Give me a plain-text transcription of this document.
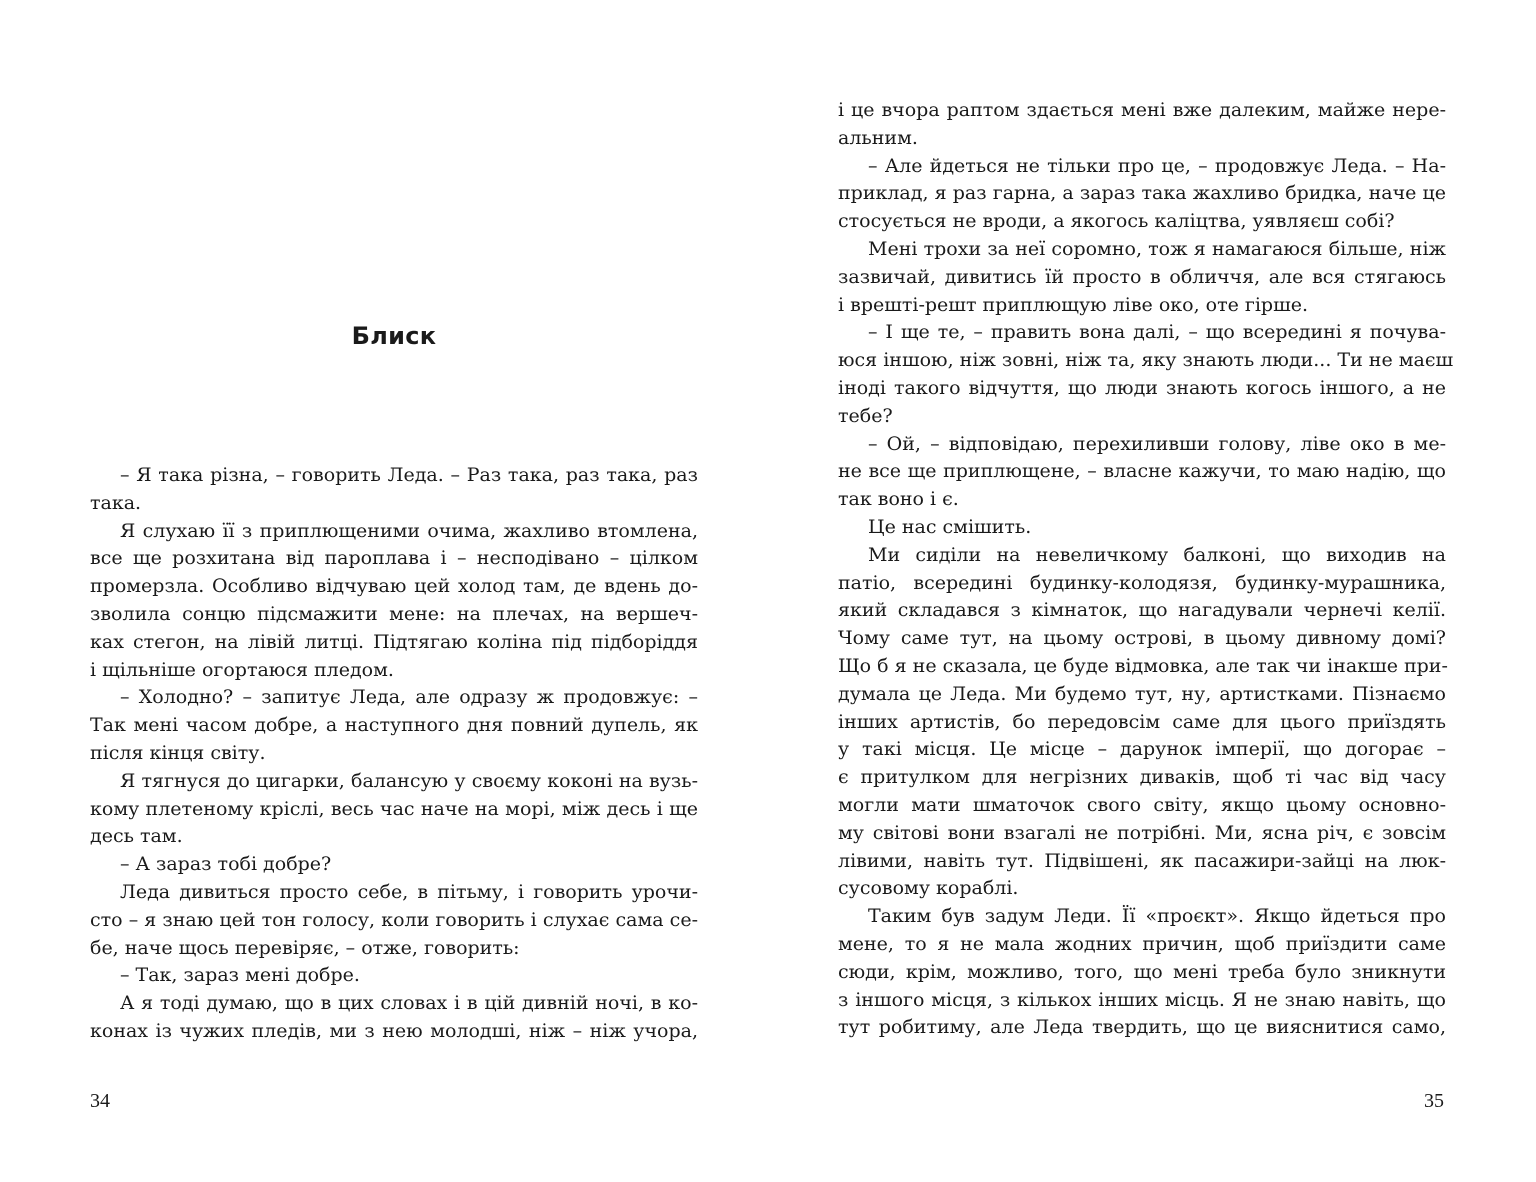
Блиск
– Я така різна, – говорить Леда. – Раз така, раз така, раз
така.
Я слухаю її з приплющеними очима, жахливо втомлена,
все ще розхитана від пароплава і – несподівано – цілком
промерзла. Особливо відчуваю цей холод там, де вдень до-
зволила сонцю підсмажити мене: на плечах, на вершеч-
ках стегон, на лівій литці. Підтягаю коліна під підборіддя
і щільніше огортаюся пледом.
– Холодно? – запитує Леда, але одразу ж продовжує: –
Так мені часом добре, а наступного дня повний дупель, як
після кінця світу.
Я тягнуся до цигарки, балансую у своєму коконі на вузь-
кому плетеному кріслі, весь час наче на морі, між десь і ще
десь там.
– А зараз тобі добре?
Леда дивиться просто себе, в пітьму, і говорить урочи-
сто – я знаю цей тон голосу, коли говорить і слухає сама се-
бе, наче щось перевіряє, – отже, говорить:
– Так, зараз мені добре.
А я тоді думаю, що в цих словах і в цій дивній ночі, в ко-
конах із чужих пледів, ми з нею молодші, ніж – ніж учора,
34
і це вчора раптом здається мені вже далеким, майже нере-
альним.
– Але йдеться не тільки про це, – продовжує Леда. – На-
приклад, я раз гарна, а зараз така жахливо бридка, наче це
стосується не вроди, а якогось каліцтва, уявляєш собі?
Мені трохи за неї соромно, тож я намагаюся більше, ніж
зазвичай, дивитись їй просто в обличчя, але вся стягаюсь
і врешті-решт приплющую ліве око, оте гірше.
– І ще те, – править вона далі, – що всередині я почува-
юся іншою, ніж зовні, ніж та, яку знають люди... Ти не маєш
іноді такого відчуття, що люди знають когось іншого, а не
тебе?
– Ой, – відповідаю, перехиливши голову, ліве око в ме-
не все ще приплющене, – власне кажучи, то маю надію, що
так воно і є.
Це нас смішить.
Ми сиділи на невеличкому балконі, що виходив на
патіо, всередині будинку-колодязя, будинку-мурашника,
який складався з кімнаток, що нагадували чернечі келії.
Чому саме тут, на цьому острові, в цьому дивному домі?
Що б я не сказала, це буде відмовка, але так чи інакше при-
думала це Леда. Ми будемо тут, ну, артистками. Пізнаємо
інших артистів, бо передовсім саме для цього приїздять
у такі місця. Це місце – дарунок імперії, що догорає –
є притулком для негрізних диваків, щоб ті час від часу
могли мати шматочок свого світу, якщо цьому основно-
му світові вони взагалі не потрібні. Ми, ясна річ, є зовсім
лівими, навіть тут. Підвішені, як пасажири-зайці на люк-
сусовому кораблі.
Таким був задум Леди. Її «проєкт». Якщо йдеться про
мене, то я не мала жодних причин, щоб приїздити саме
сюди, крім, можливо, того, що мені треба було зникнути
з іншого місця, з кількох інших місць. Я не знаю навіть, що
тут робитиму, але Леда твердить, що це вияснитися само,
35
